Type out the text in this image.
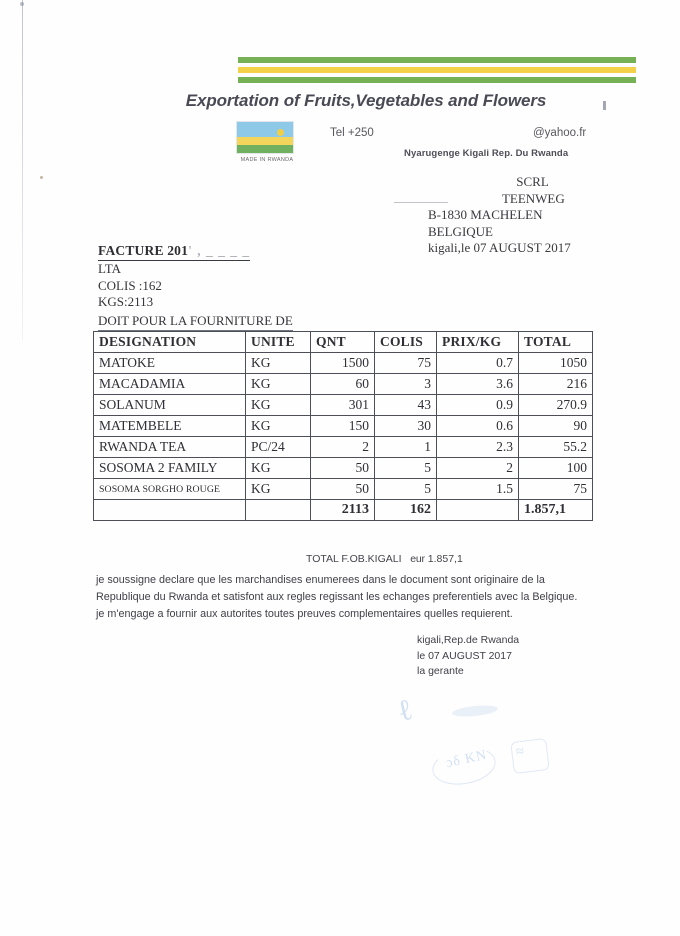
Exportation of Fruits,Vegetables and Flowers
MADE IN RWANDA
Tel +250	@yahoo.fr
Nyarugenge Kigali Rep. Du Rwanda
SCRL
TEENWEG
B-1830 MACHELEN
BELGIQUE
kigali,le 07 AUGUST 2017
FACTURE 201' , _ _ _ _
LTA
COLIS :162
KGS:2113
DOIT POUR LA FOURNITURE DE
DESIGNATION	UNITE	QNT	COLIS	PRIX/KG	TOTAL
MATOKE	KG	1500	75	0.7	1050
MACADAMIA	KG	60	3	3.6	216
SOLANUM	KG	301	43	0.9	270.9
MATEMBELE	KG	150	30	0.6	90
RWANDA TEA	PC/24	2	1	2.3	55.2
SOSOMA 2 FAMILY	KG	50	5	2	100
SOSOMA SORGHO ROUGE	KG	50	5	1.5	75
		2113	162		1.857,1
TOTAL F.OB.KIGALI eur 1.857,1
je soussigne declare que les marchandises enumerees dans le document sont originaire de la
Republique du Rwanda et satisfont aux regles regissant les echanges preferentiels avec la Belgique.
je m'engage a fournir aux autorites toutes preuves complementaires quelles requierent.
kigali,Rep.de Rwanda
le 07 AUGUST 2017
la gerante
ℓ
ɔδ KN ≈
